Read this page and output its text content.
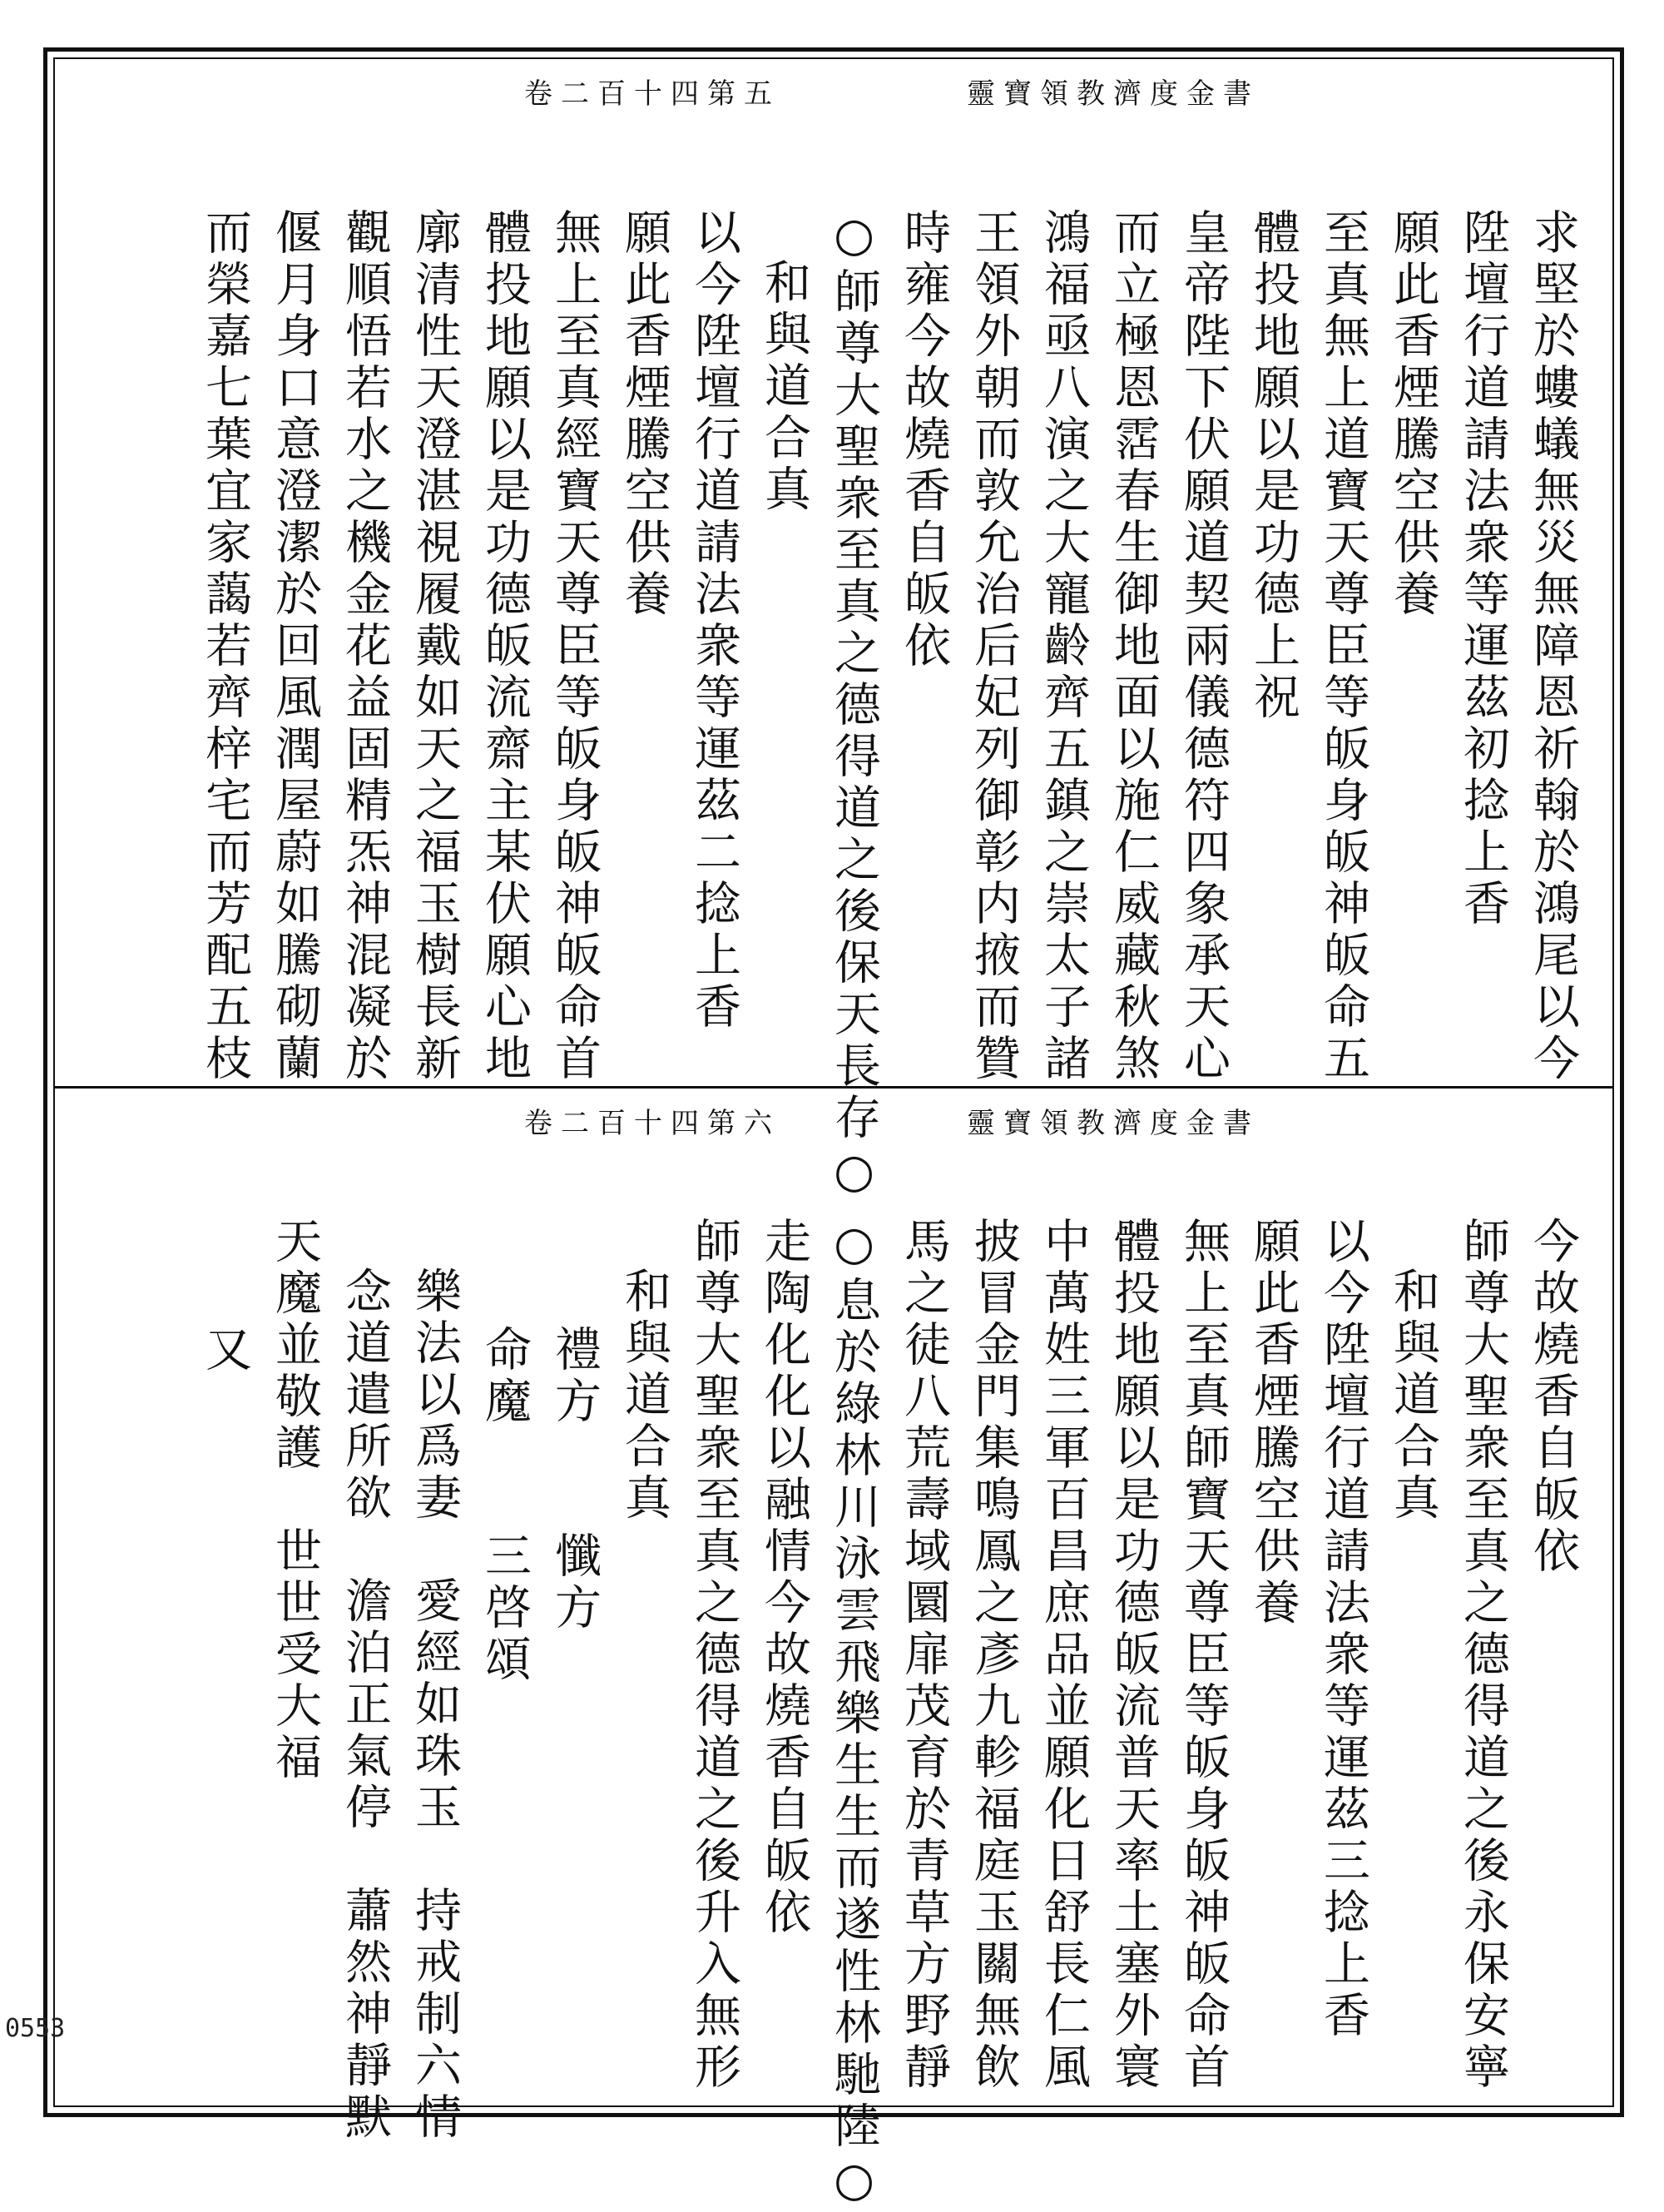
靈寶領教濟度金書
卷二百十四第五
求堅於螻蟻無災無障恩祈翰於鴻尾以今
陞壇行道請法衆等運茲初捻上香
願此香煙騰空供養
至真無上道寶天尊臣等皈身皈神皈命五
體投地願以是功德上祝
皇帝陛下伏願道契兩儀德符四象承天心
而立極恩霑春生御地面以施仁威藏秋煞
鴻福亟八演之大寵齡齊五鎮之崇太子諸
王領外朝而敦允治后妃列御彰内掖而贊
時雍今故燒香自皈依
○師尊大聖衆至真之德得道之後保天長存○
和與道合真
以今陞壇行道請法衆等運茲二捻上香
願此香煙騰空供養
無上至真經寶天尊臣等皈身皈神皈命首
體投地願以是功德皈流齋主某伏願心地
廓清性天澄湛視履戴如天之福玉樹長新
觀順悟若水之機金花益固精炁神混凝於
偃月身口意澄潔於回風潤屋蔚如騰砌蘭
而榮嘉七葉宜家藹若齊梓宅而芳配五枝
靈寶領教濟度金書
卷二百十四第六
今故燒香自皈依
師尊大聖衆至真之德得道之後永保安寧
和與道合真
以今陞壇行道請法衆等運茲三捻上香
願此香煙騰空供養
無上至真師寶天尊臣等皈身皈神皈命首
體投地願以是功德皈流普天率土塞外寰
中萬姓三軍百昌庶品並願化日舒長仁風
披冒金門集鳴鳳之彥九軫福庭玉關無飲
馬之徒八荒壽域圜扉茂育於青草方野靜
○息於綠林川泳雲飛樂生生而遂性林馳陸○
走陶化化以融情今故燒香自皈依
師尊大聖衆至真之德得道之後升入無形
和與道合真
禮方　　懺方
命魔　　三啓頌
樂法以爲妻　愛經如珠玉　持戒制六情
念道遣所欲　澹泊正氣停　蕭然神靜默
天魔並敬護　世世受大福
又
0553
